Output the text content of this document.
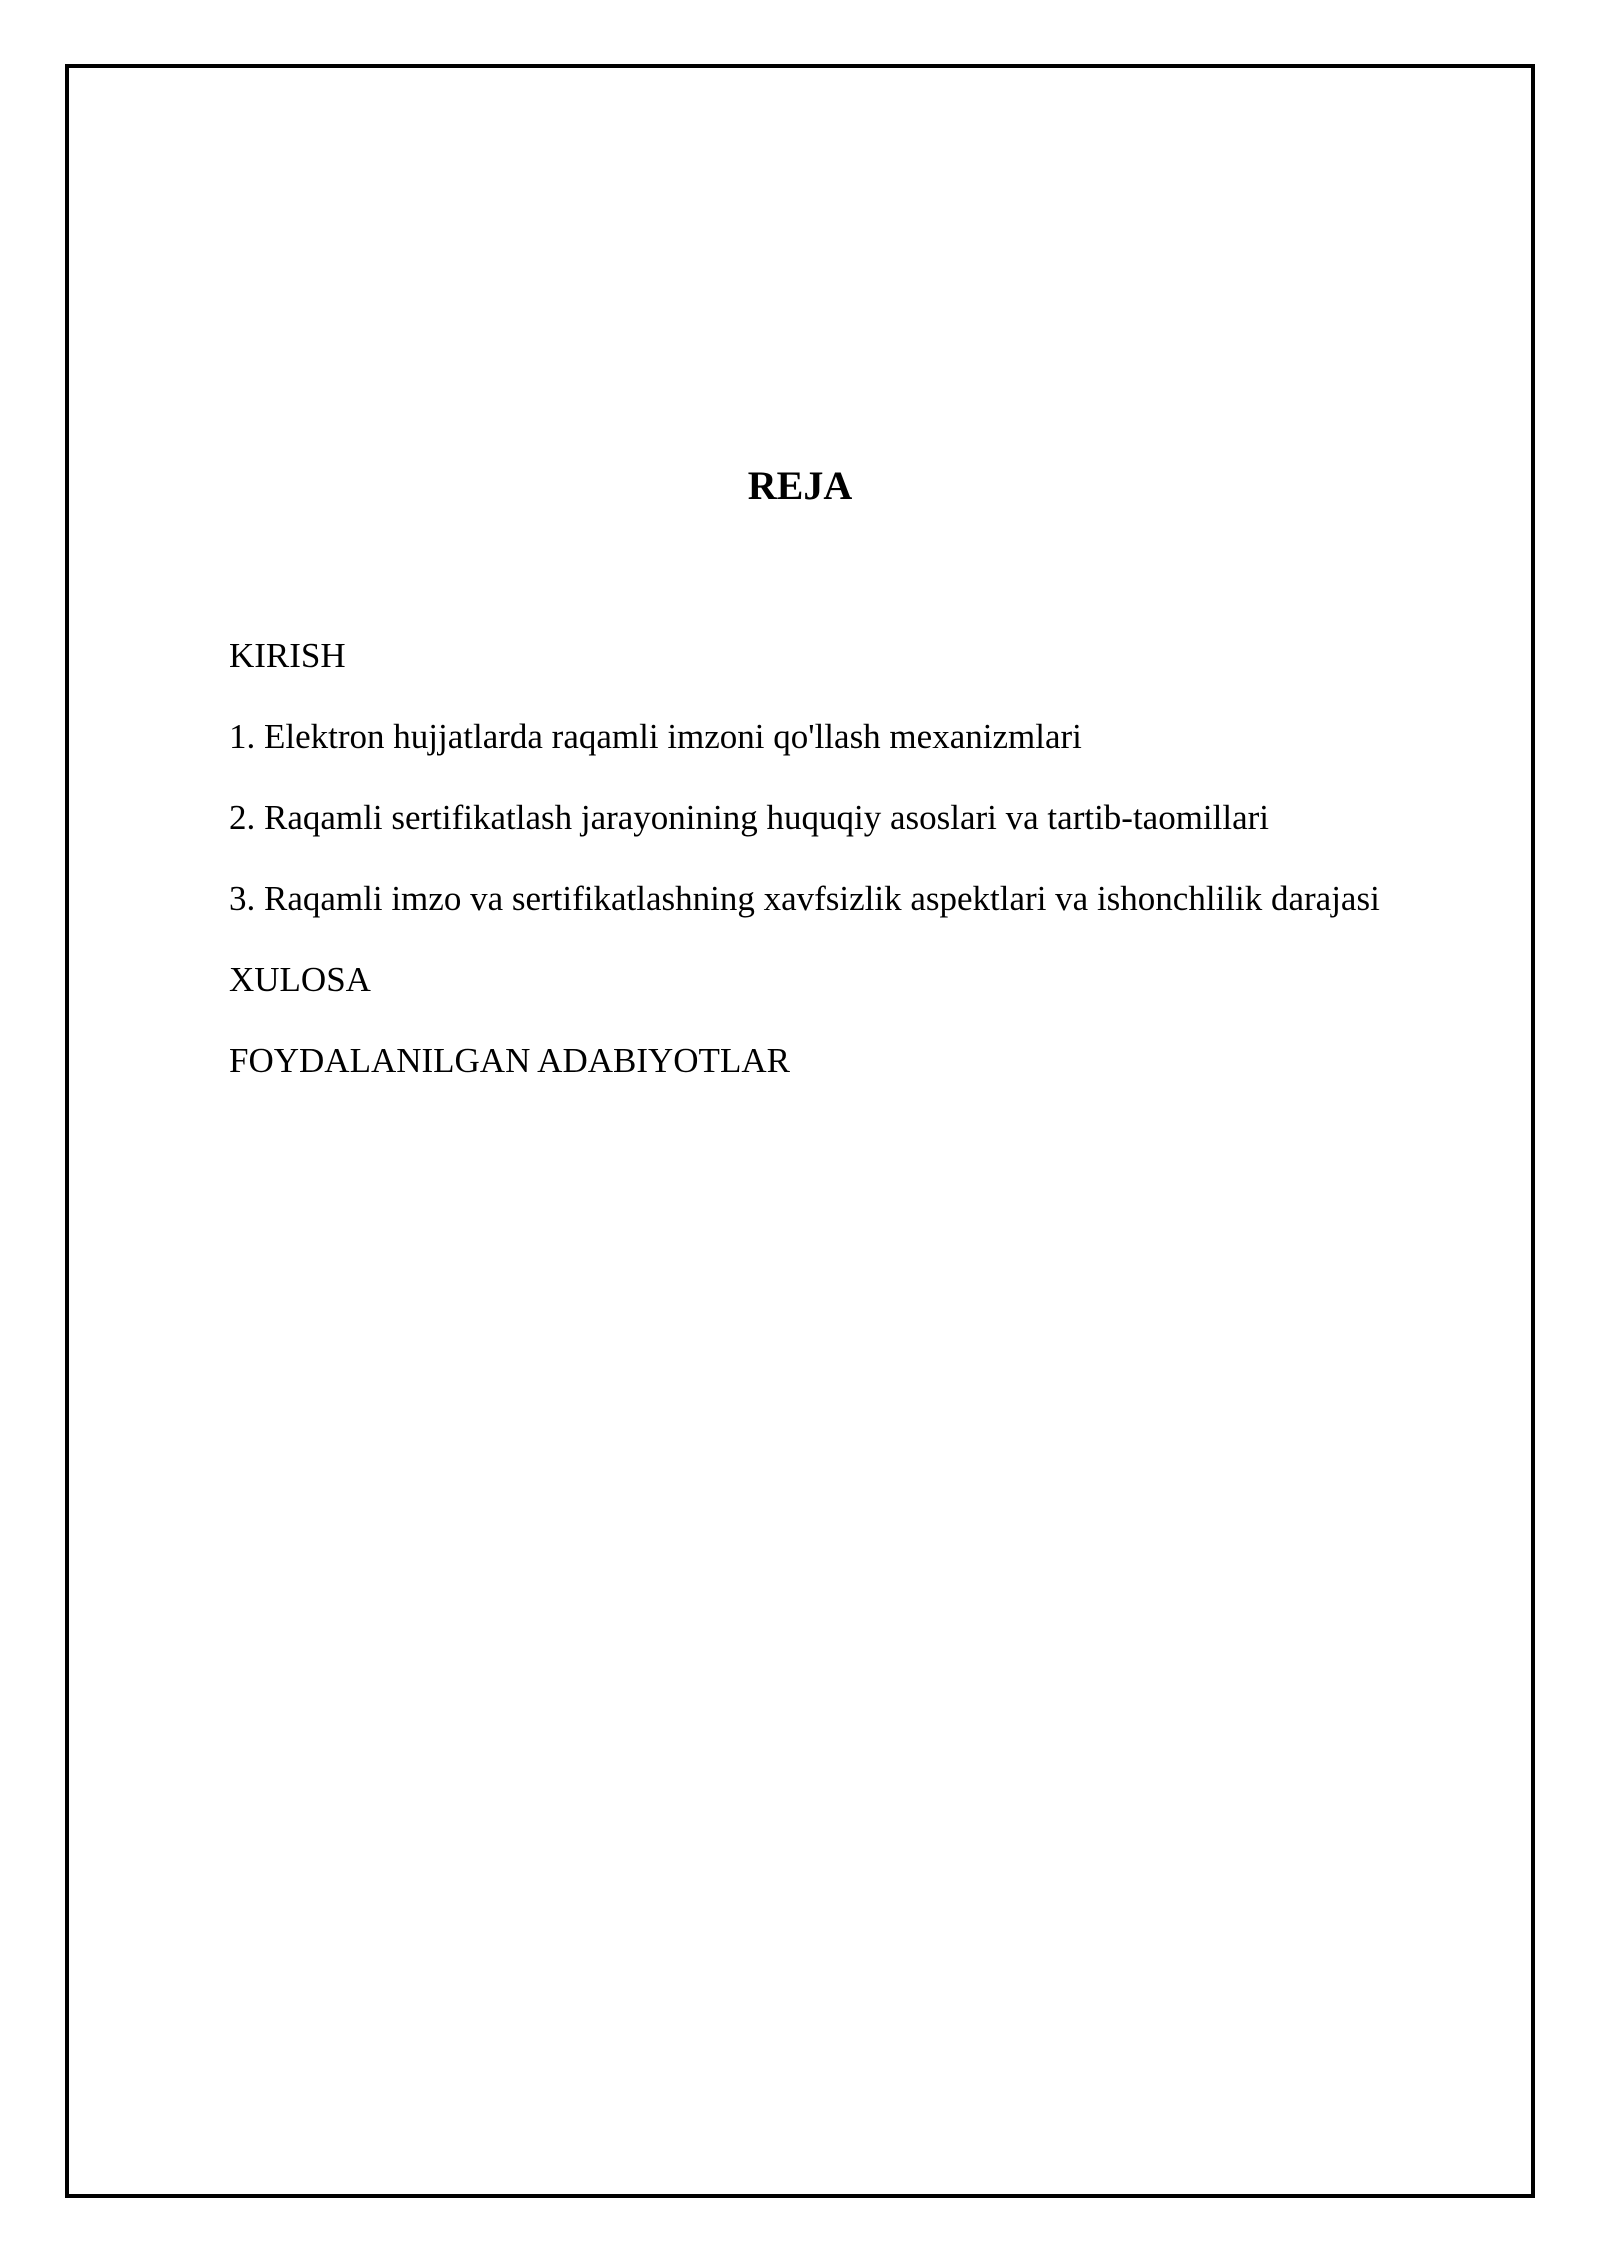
REJA
KIRISH
1. Elektron hujjatlarda raqamli imzoni qo'llash mexanizmlari
2. Raqamli sertifikatlash jarayonining huquqiy asoslari va tartib-taomillari
3. Raqamli imzo va sertifikatlashning xavfsizlik aspektlari va ishonchlilik darajasi
XULOSA
FOYDALANILGAN ADABIYOTLAR
